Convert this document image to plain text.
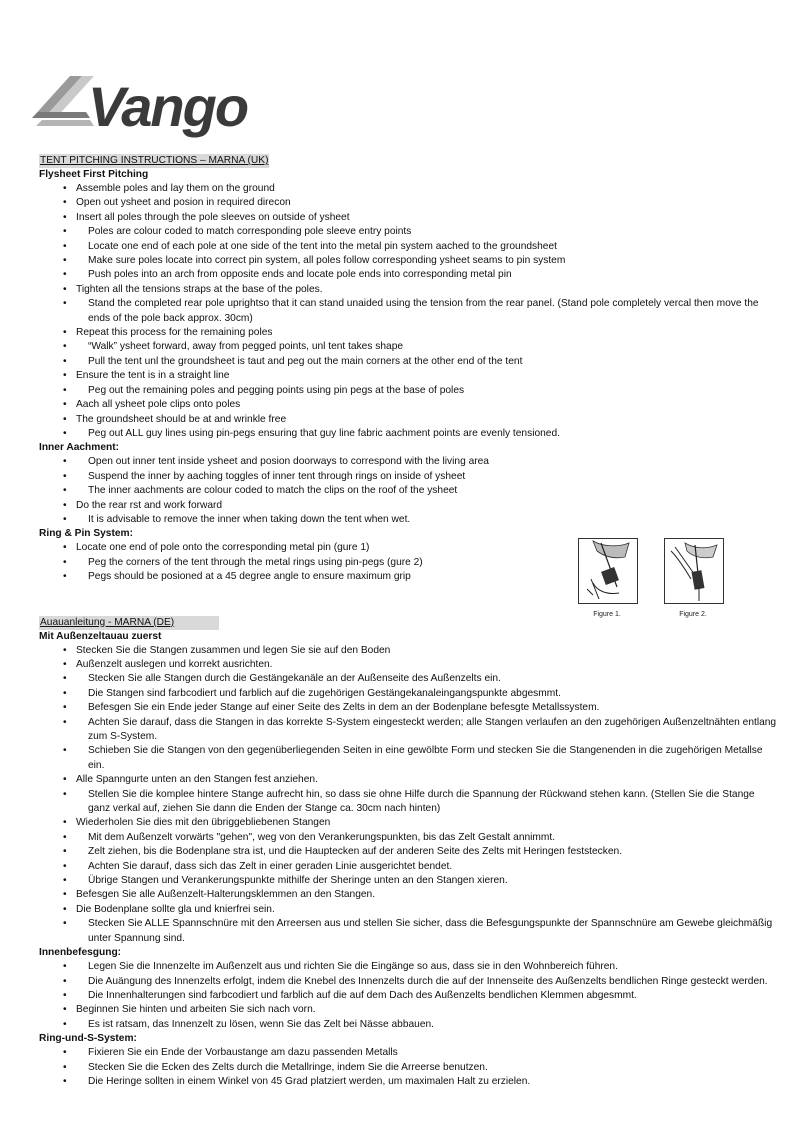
Vango
TENT PITCHING INSTRUCTIONS – MARNA (UK)
Flysheet First Pitching
• Assemble poles and lay them on the ground
• Open out ysheet and posion in required direcon
• Insert all poles through the pole sleeves on outside of ysheet
• Poles are colour coded to match corresponding pole sleeve entry points
• Locate one end of each pole at one side of the tent into the metal pin system aached to the groundsheet
• Make sure poles locate into correct pin system, all poles follow corresponding ysheet seams to pin system
• Push poles into an arch from opposite ends and locate pole ends into corresponding metal pin
• Tighten all the tensions straps at the base of the poles.
• Stand the completed rear pole uprightso that it can stand unaided using the tension from the rear panel. (Stand pole completely vercal then move the ends of the pole back approx. 30cm)
• Repeat this process for the remaining poles
• “Walk” ysheet forward, away from pegged points, unl tent takes shape
• Pull the tent unl the groundsheet is taut and peg out the main corners at the other end of the tent
• Ensure the tent is in a straight line
• Peg out the remaining poles and pegging points using pin pegs at the base of poles
• Aach all ysheet pole clips onto poles
• The groundsheet should be at and wrinkle free
• Peg out ALL guy lines using pin-pegs ensuring that guy line fabric aachment points are evenly tensioned.
Inner Aachment:
• Open out inner tent inside ysheet and posion doorways to correspond with the living area
• Suspend the inner by aaching toggles of inner tent through rings on inside of ysheet
• The inner aachments are colour coded to match the clips on the roof of the ysheet
• Do the rear rst and work forward
• It is advisable to remove the inner when taking down the tent when wet.
Ring & Pin System:
• Locate one end of pole onto the corresponding metal pin (gure 1)
• Peg the corners of the tent through the metal rings using pin-pegs (gure 2)
• Pegs should be posioned at a 45 degree angle to ensure maximum grip
Auauanleitung - MARNA (DE)
Mit Außenzeltauau zuerst
• Stecken Sie die Stangen zusammen und legen Sie sie auf den Boden
• Außenzelt auslegen und korrekt ausrichten.
• Stecken Sie alle Stangen durch die Gestängekanäle an der Außenseite des Außenzelts ein.
• Die Stangen sind farbcodiert und farblich auf die zugehörigen Gestängekanaleingangspunkte abgesmmt.
• Befesgen Sie ein Ende jeder Stange auf einer Seite des Zelts in dem an der Bodenplane befesgte Metallssystem.
• Achten Sie darauf, dass die Stangen in das korrekte S-System eingesteckt werden; alle Stangen verlaufen an den zugehörigen Außenzeltnähten entlang zum S-System.
• Schieben Sie die Stangen von den gegenüberliegenden Seiten in eine gewölbte Form und stecken Sie die Stangenenden in die zugehörigen Metallse ein.
• Alle Spanngurte unten an den Stangen fest anziehen.
• Stellen Sie die komplee hintere Stange aufrecht hin, so dass sie ohne Hilfe durch die Spannung der Rückwand stehen kann. (Stellen Sie die Stange ganz verkal auf, ziehen Sie dann die Enden der Stange ca. 30cm nach hinten)
• Wiederholen Sie dies mit den übriggebliebenen Stangen
• Mit dem Außenzelt vorwärts "gehen", weg von den Verankerungspunkten, bis das Zelt Gestalt annimmt.
• Zelt ziehen, bis die Bodenplane stra ist, und die Hauptecken auf der anderen Seite des Zelts mit Heringen feststecken.
• Achten Sie darauf, dass sich das Zelt in einer geraden Linie ausgerichtet bendet.
• Übrige Stangen und Verankerungspunkte mithilfe der Sheringe unten an den Stangen xieren.
• Befesgen Sie alle Außenzelt-Halterungsklemmen an den Stangen.
• Die Bodenplane sollte gla und knierfrei sein.
• Stecken Sie ALLE Spannschnüre mit den Arreersen aus und stellen Sie sicher, dass die Befesgungspunkte der Spannschnüre am Gewebe gleichmäßig unter Spannung sind.
Innenbefesgung:
• Legen Sie die Innenzelte im Außenzelt aus und richten Sie die Eingänge so aus, dass sie in den Wohnbereich führen.
• Die Auängung des Innenzelts erfolgt, indem die Knebel des Innenzelts durch die auf der Innenseite des Außenzelts bendlichen Ringe gesteckt werden.
• Die Innenhalterungen sind farbcodiert und farblich auf die auf dem Dach des Außenzelts bendlichen Klemmen abgesmmt.
• Beginnen Sie hinten und arbeiten Sie sich nach vorn.
• Es ist ratsam, das Innenzelt zu lösen, wenn Sie das Zelt bei Nässe abbauen.
Ring-und-S-System:
• Fixieren Sie ein Ende der Vorbaustange am dazu passenden Metalls
• Stecken Sie die Ecken des Zelts durch die Metallringe, indem Sie die Arreerse benutzen.
• Die Heringe sollten in einem Winkel von 45 Grad platziert werden, um maximalen Halt zu erzielen.
Figure 1.	Figure 2.
